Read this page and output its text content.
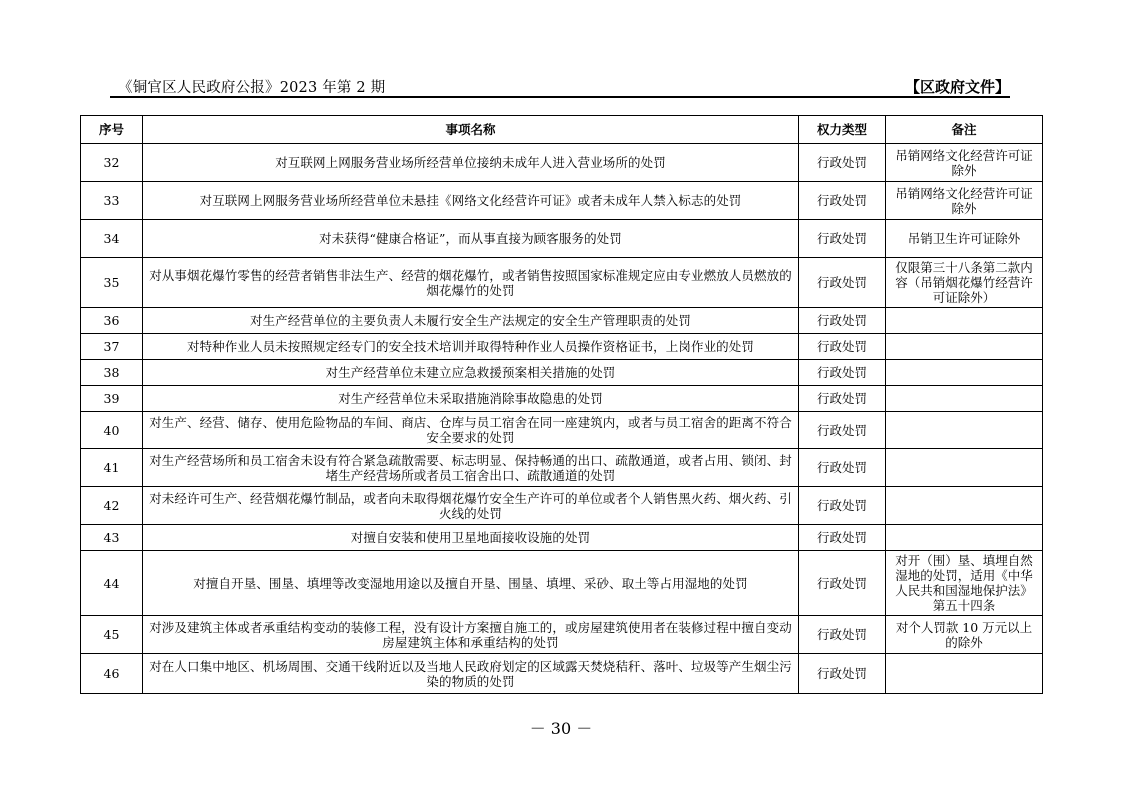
《铜官区人民政府公报》2023 年第 2 期	【区政府文件】
序号	事项名称	权力类型	备注
32	对互联网上网服务营业场所经营单位接纳未成年人进入营业场所的处罚	行政处罚	吊销网络文化经营许可证除外
33	对互联网上网服务营业场所经营单位未悬挂《网络文化经营许可证》或者未成年人禁入标志的处罚	行政处罚	吊销网络文化经营许可证除外
34	对未获得“健康合格证”，而从事直接为顾客服务的处罚	行政处罚	吊销卫生许可证除外
35	对从事烟花爆竹零售的经营者销售非法生产、经营的烟花爆竹，或者销售按照国家标准规定应由专业燃放人员燃放的烟花爆竹的处罚	行政处罚	仅限第三十八条第二款内容（吊销烟花爆竹经营许可证除外）
36	对生产经营单位的主要负责人未履行安全生产法规定的安全生产管理职责的处罚	行政处罚	
37	对特种作业人员未按照规定经专门的安全技术培训并取得特种作业人员操作资格证书，上岗作业的处罚	行政处罚	
38	对生产经营单位未建立应急救援预案相关措施的处罚	行政处罚	
39	对生产经营单位未采取措施消除事故隐患的处罚	行政处罚	
40	对生产、经营、储存、使用危险物品的车间、商店、仓库与员工宿舍在同一座建筑内，或者与员工宿舍的距离不符合安全要求的处罚	行政处罚	
41	对生产经营场所和员工宿舍未设有符合紧急疏散需要、标志明显、保持畅通的出口、疏散通道，或者占用、锁闭、封堵生产经营场所或者员工宿舍出口、疏散通道的处罚	行政处罚	
42	对未经许可生产、经营烟花爆竹制品，或者向未取得烟花爆竹安全生产许可的单位或者个人销售黑火药、烟火药、引火线的处罚	行政处罚	
43	对擅自安装和使用卫星地面接收设施的处罚	行政处罚	
44	对擅自开垦、围垦、填埋等改变湿地用途以及擅自开垦、围垦、填埋、采砂、取土等占用湿地的处罚	行政处罚	对开（围）垦、填埋自然湿地的处罚，适用《中华人民共和国湿地保护法》第五十四条
45	对涉及建筑主体或者承重结构变动的装修工程，没有设计方案擅自施工的，或房屋建筑使用者在装修过程中擅自变动房屋建筑主体和承重结构的处罚	行政处罚	对个人罚款 10 万元以上的除外
46	对在人口集中地区、机场周围、交通干线附近以及当地人民政府划定的区域露天焚烧秸秆、落叶、垃圾等产生烟尘污染的物质的处罚	行政处罚	
－ 30 －
